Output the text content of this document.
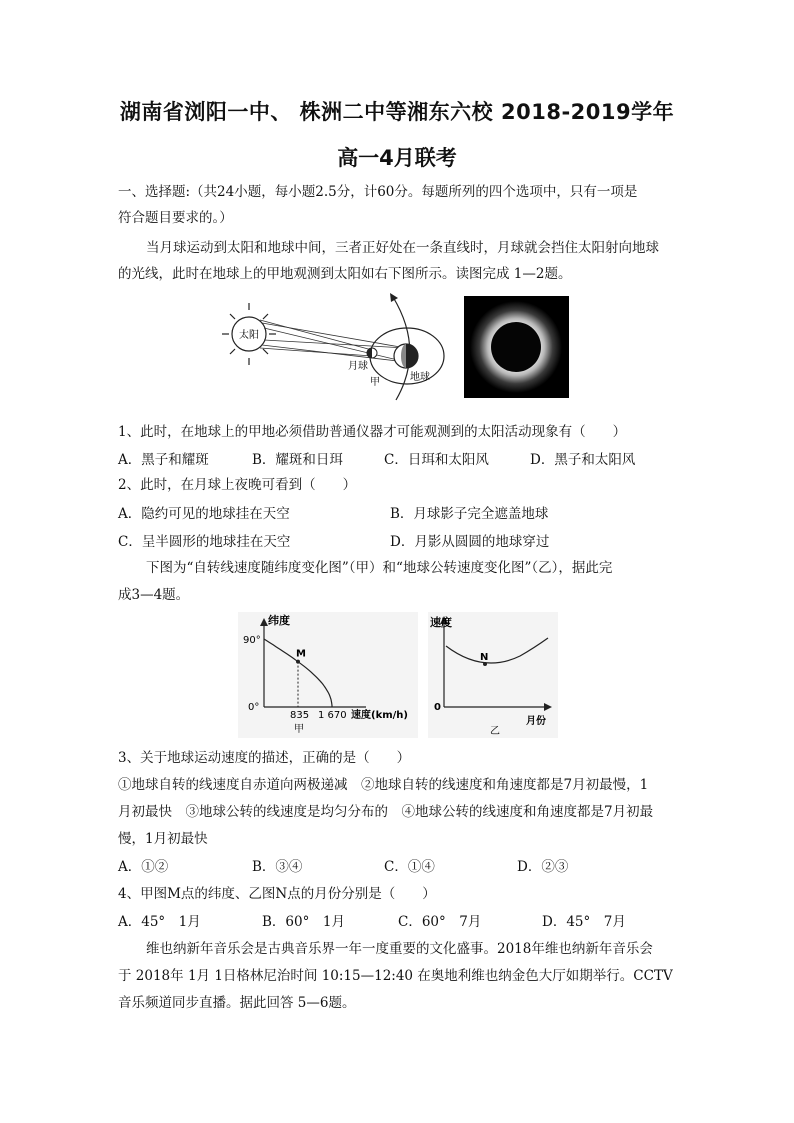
湖南省浏阳一中、 株洲二中等湘东六校 2018-2019学年
高一4月联考
一、选择题:（共24小题，每小题2.5分，计60分。每题所列的四个选项中，只有一项是
符合题目要求的。）
当月球运动到太阳和地球中间，三者正好处在一条直线时，月球就会挡住太阳射向地球
的光线，此时在地球上的甲地观测到太阳如右下图所示。读图完成 1—2题。
太阳
月球
甲	地球
1、此时，在地球上的甲地必须借助普通仪器才可能观测到的太阳活动现象有（　　）
A．黑子和耀斑	B．耀斑和日珥	C．日珥和太阳风	D．黑子和太阳风
2、此时，在月球上夜晚可看到（　　）
A．隐约可见的地球挂在天空	B．月球影子完全遮盖地球
C．呈半圆形的地球挂在天空	D．月影从圆圆的地球穿过
下图为“自转线速度随纬度变化图”（甲）和“地球公转速度变化图”（乙），据此完
成3—4题。
纬度
90°
0°
835 1 670 速度(km/h)
M
甲
速度
0
月份
N
乙
3、关于地球运动速度的描述，正确的是（　　）
①地球自转的线速度自赤道向两极递减　②地球自转的线速度和角速度都是7月初最慢，1
月初最快　③地球公转的线速度是均匀分布的　④地球公转的线速度和角速度都是7月初最
慢，1月初最快
A．①②	B．③④	C．①④	D．②③
4、甲图M点的纬度、乙图N点的月份分别是（　　）
A．45°　1月	B．60°　1月	C．60°　7月	D．45°　7月
维也纳新年音乐会是古典音乐界一年一度重要的文化盛事。2018年维也纳新年音乐会
于 2018年 1月 1日格林尼治时间 10:15—12:40 在奥地利维也纳金色大厅如期举行。CCTV
音乐频道同步直播。据此回答 5—6题。
